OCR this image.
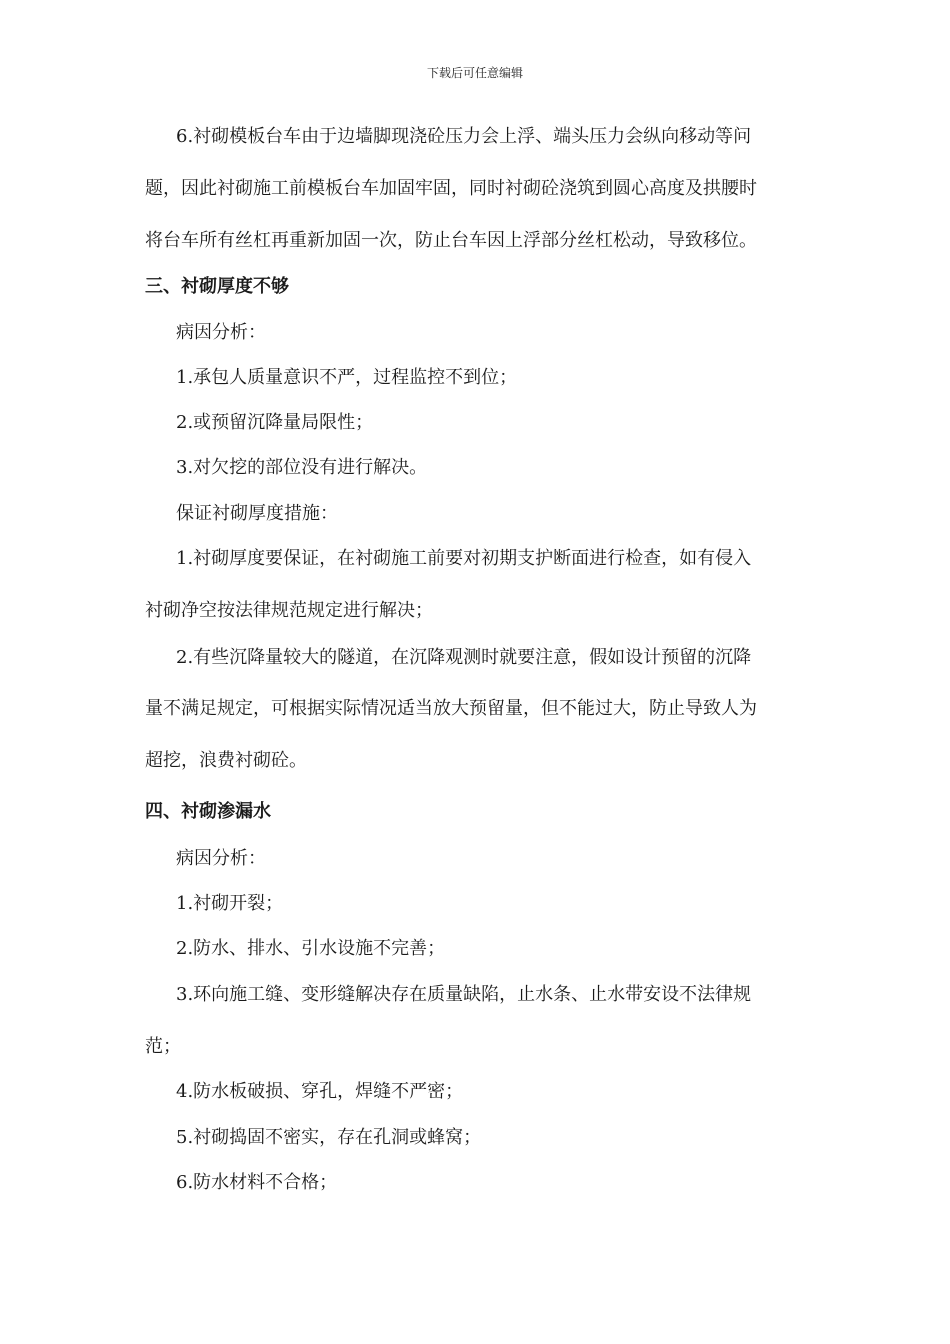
下载后可任意编辑
6.衬砌模板台车由于边墙脚现浇砼压力会上浮、端头压力会纵向移动等问
题，因此衬砌施工前模板台车加固牢固，同时衬砌砼浇筑到圆心高度及拱腰时
将台车所有丝杠再重新加固一次，防止台车因上浮部分丝杠松动，导致移位。
三、衬砌厚度不够
病因分析：
1.承包人质量意识不严，过程监控不到位；
2.或预留沉降量局限性；
3.对欠挖的部位没有进行解决。
保证衬砌厚度措施：
1.衬砌厚度要保证，在衬砌施工前要对初期支护断面进行检查，如有侵入
衬砌净空按法律规范规定进行解决；
2.有些沉降量较大的隧道，在沉降观测时就要注意，假如设计预留的沉降
量不满足规定，可根据实际情况适当放大预留量，但不能过大，防止导致人为
超挖，浪费衬砌砼。
四、衬砌渗漏水
病因分析：
1.衬砌开裂；
2.防水、排水、引水设施不完善；
3.环向施工缝、变形缝解决存在质量缺陷，止水条、止水带安设不法律规
范；
4.防水板破损、穿孔，焊缝不严密；
5.衬砌捣固不密实，存在孔洞或蜂窝；
6.防水材料不合格；
